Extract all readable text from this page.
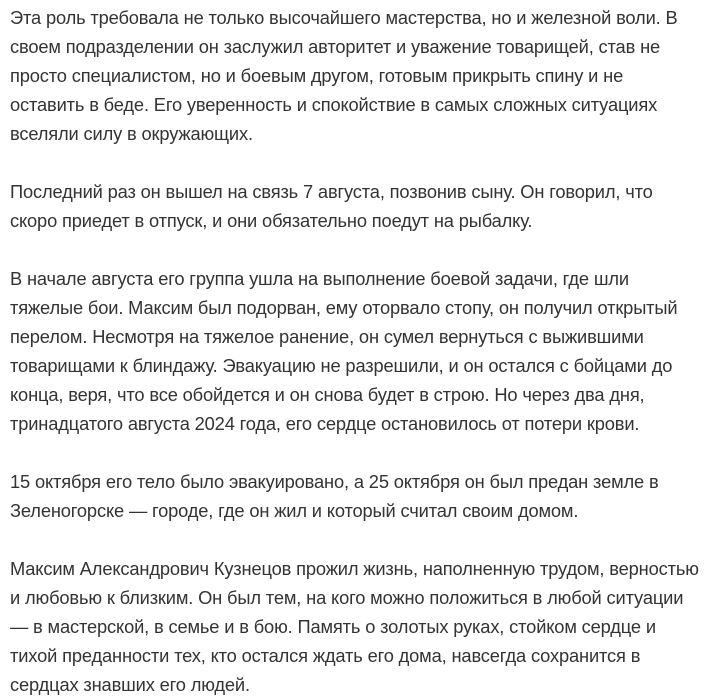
Эта роль требовала не только высочайшего мастерства, но и железной воли. В своем подразделении он заслужил авторитет и уважение товарищей, став не просто специалистом, но и боевым другом, готовым прикрыть спину и не оставить в беде. Его уверенность и спокойствие в самых сложных ситуациях вселяли силу в окружающих.

Последний раз он вышел на связь 7 августа, позвонив сыну. Он говорил, что скоро приедет в отпуск, и они обязательно поедут на рыбалку.

В начале августа его группа ушла на выполнение боевой задачи, где шли тяжелые бои. Максим был подорван, ему оторвало стопу, он получил открытый перелом. Несмотря на тяжелое ранение, он сумел вернуться с выжившими товарищами к блиндажу. Эвакуацию не разрешили, и он остался с бойцами до конца, веря, что все обойдется и он снова будет в строю. Но через два дня, тринадцатого августа 2024 года, его сердце остановилось от потери крови.

15 октября его тело было эвакуировано, а 25 октября он был предан земле в Зеленогорске — городе, где он жил и который считал своим домом.

Максим Александрович Кузнецов прожил жизнь, наполненную трудом, верностью и любовью к близким. Он был тем, на кого можно положиться в любой ситуации — в мастерской, в семье и в бою. Память о золотых руках, стойком сердце и тихой преданности тех, кто остался ждать его дома, навсегда сохранится в сердцах знавших его людей.
